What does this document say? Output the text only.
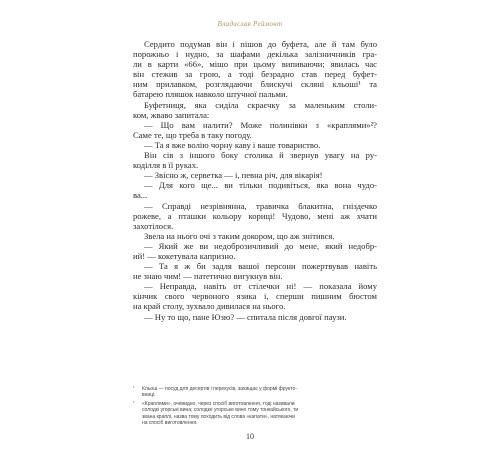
Владислав Реймонт
Сердито подумав він і пішов до буфета, але й там було
порожньо і нудно, за шафами декілька залізничників гра-
ли в карти «66», мішо при цьому випиваючи; явилась час
він стежив за грою, а тоді безрадно став перед буфет-
ним прилавком, розглядаючи блискучі скляні кльоші¹ та
батарею пляшок навколо штучної пальми.
Буфетниця, яка сиділа скраєчку за маленьким столи-
ком, жваво запитала:
— Що вам налити? Може полинівки з «краплями»²?
Саме те, що треба в таку погоду.
— Та я вже волію чорну каву і ваше товариство.
Він сів з іншого боку столика й звернув увагу на ру-
коділля в її руках.
— Звісно ж, серветка — і, певна річ, для вікарія!
— Для кого ще... ви тільки подивіться, яка вона чудо-
ва...
— Справді незрівнянна, травичка блакитна, гніздечко
рожеве, а пташки кольору кориці! Чудово, мені аж хчати
захотілося.
Звела на нього очі з таким докором, що аж знітився.
— Який же ви недоброзичливий до мене, який недобр-
ий! — кокетувала капризно.
— Та я ж би задля вашої персони пожертвував навіть
не знаю чим! — патетично вигукнув він.
— Неправда, навіть от стілечки ні! — показала йому
кінчик свого червоного язика і, сперши пишним бюстом
на край столу, зухвало дивилася на нього.
— Ну то що, пане Юзю? — спитала після довгої паузи.
¹ Кльош — посуд для десертів і перекусів, захищає у формі фрукто-
вниці.
² «Краплями», очевидно, через спосіб виготовлення, тоді називали
солодкі угорські вина; солодке угорське вино тому тонкайського, ти
звана краплі, назва тому походить від слова «капати», натякаючи
на спосіб виготовлення.
10
